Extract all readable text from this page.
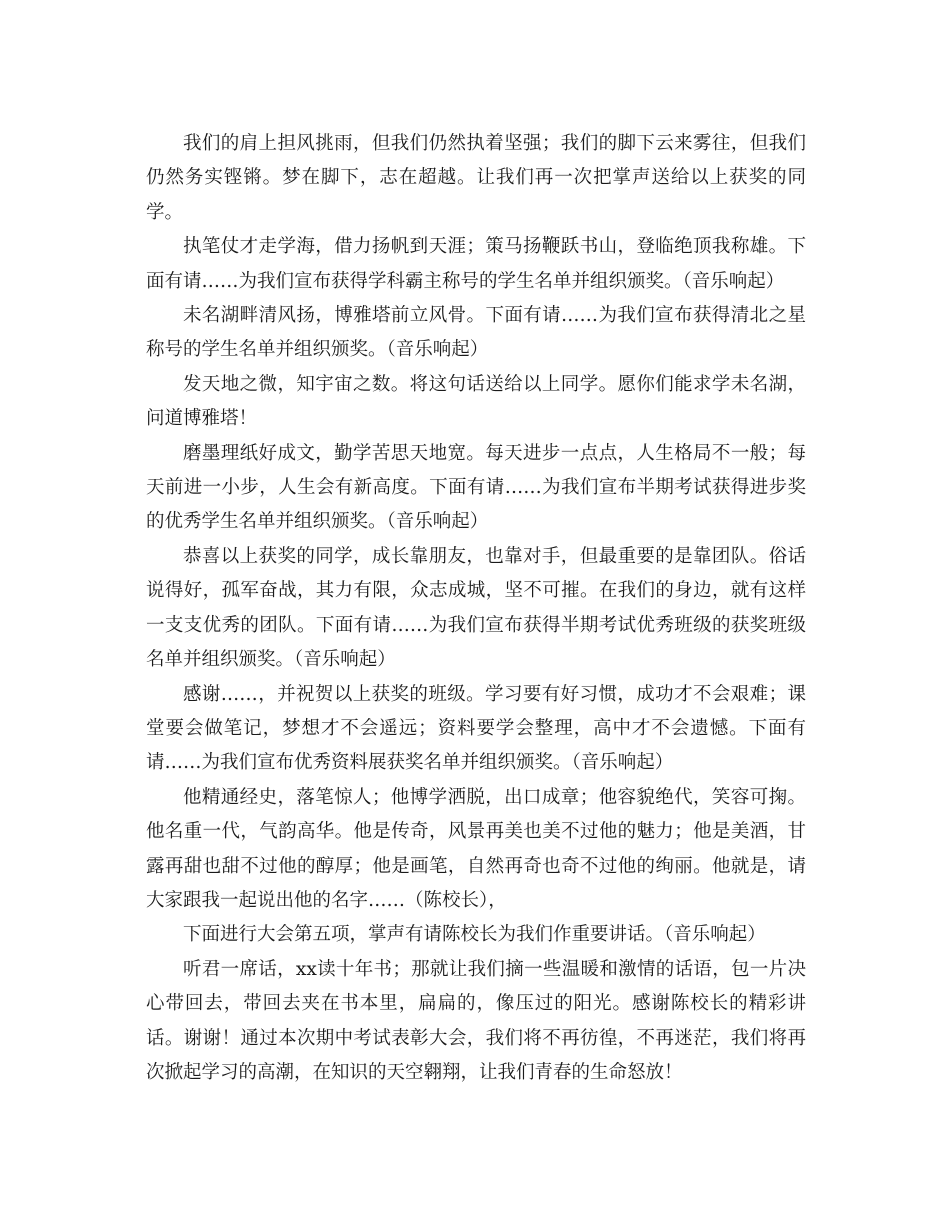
我们的肩上担风挑雨，但我们仍然执着坚强；我们的脚下云来雾往，但我们仍然务实铿锵。梦在脚下，志在超越。让我们再一次把掌声送给以上获奖的同学。

执笔仗才走学海，借力扬帆到天涯；策马扬鞭跃书山，登临绝顶我称雄。下面有请……为我们宣布获得学科霸主称号的学生名单并组织颁奖。（音乐响起）

未名湖畔清风扬，博雅塔前立风骨。下面有请……为我们宣布获得清北之星称号的学生名单并组织颁奖。（音乐响起）

发天地之微，知宇宙之数。将这句话送给以上同学。愿你们能求学未名湖，问道博雅塔！

磨墨理纸好成文，勤学苦思天地宽。每天进步一点点，人生格局不一般；每天前进一小步，人生会有新高度。下面有请……为我们宣布半期考试获得进步奖的优秀学生名单并组织颁奖。（音乐响起）

恭喜以上获奖的同学，成长靠朋友，也靠对手，但最重要的是靠团队。俗话说得好，孤军奋战，其力有限，众志成城，坚不可摧。在我们的身边，就有这样一支支优秀的团队。下面有请……为我们宣布获得半期考试优秀班级的获奖班级名单并组织颁奖。（音乐响起）

感谢……，并祝贺以上获奖的班级。学习要有好习惯，成功才不会艰难；课堂要会做笔记，梦想才不会遥远；资料要学会整理，高中才不会遗憾。下面有请……为我们宣布优秀资料展获奖名单并组织颁奖。（音乐响起）

他精通经史，落笔惊人；他博学洒脱，出口成章；他容貌绝代，笑容可掬。他名重一代，气韵高华。他是传奇，风景再美也美不过他的魅力；他是美酒，甘露再甜也甜不过他的醇厚；他是画笔，自然再奇也奇不过他的绚丽。他就是，请大家跟我一起说出他的名字……（陈校长），

下面进行大会第五项，掌声有请陈校长为我们作重要讲话。（音乐响起）

听君一席话，xx读十年书；那就让我们摘一些温暖和激情的话语，包一片决心带回去，带回去夹在书本里，扁扁的，像压过的阳光。感谢陈校长的精彩讲话。谢谢！通过本次期中考试表彰大会，我们将不再彷徨，不再迷茫，我们将再次掀起学习的高潮，在知识的天空翱翔，让我们青春的生命怒放！
